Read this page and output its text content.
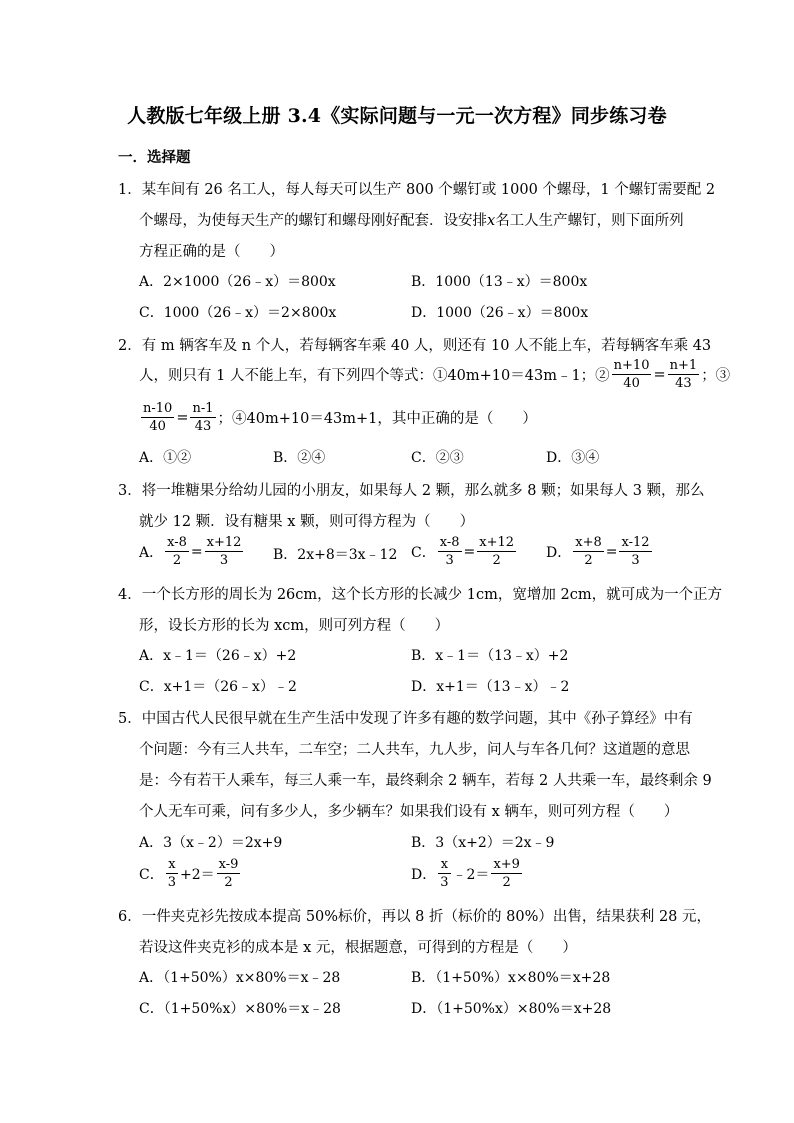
人教版七年级上册 3.4《实际问题与一元一次方程》同步练习卷
一．选择题
1．某车间有 26 名工人，每人每天可以生产 800 个螺钉或 1000 个螺母，1 个螺钉需要配 2
个螺母，为使每天生产的螺钉和螺母刚好配套．设安排x名工人生产螺钉，则下面所列
方程正确的是（　　）
A．2×1000（26﹣x）＝800x	B．1000（13﹣x）＝800x
C．1000（26﹣x）＝2×800x	D．1000（26﹣x）＝800x
2．有 m 辆客车及 n 个人，若每辆客车乘 40 人，则还有 10 人不能上车，若每辆客车乘 43
人，则只有 1 人不能上车，有下列四个等式：①40m+10＝43m﹣1；② $\frac{n+10}{40} = \frac{n+1}{43}$ ；③
$\frac{n-10}{40} = \frac{n-1}{43}$ ；④40m+10＝43m+1，其中正确的是（　　）
A．①②	B．②④	C．②③	D．③④
3．将一堆糖果分给幼儿园的小朋友，如果每人 2 颗，那么就多 8 颗；如果每人 3 颗，那么
就少 12 颗．设有糖果 x 颗，则可得方程为（　　）
A． $\frac{x-8}{2} = \frac{x+12}{3}$ B．2x+8＝3x﹣12 C． $\frac{x-8}{3} = \frac{x+12}{2}$ D． $\frac{x+8}{2} = \frac{x-12}{3}$
4．一个长方形的周长为 26cm，这个长方形的长减少 1cm，宽增加 2cm，就可成为一个正方
形，设长方形的长为 xcm，则可列方程（　　）
A．x﹣1＝（26﹣x）+2	B．x﹣1＝（13﹣x）+2
C．x+1＝（26﹣x）﹣2	D．x+1＝（13﹣x）﹣2
5．中国古代人民很早就在生产生活中发现了许多有趣的数学问题，其中《孙子算经》中有
个问题：今有三人共车，二车空；二人共车，九人步，问人与车各几何？这道题的意思
是：今有若干人乘车，每三人乘一车，最终剩余 2 辆车，若每 2 人共乘一车，最终剩余 9
个人无车可乘，问有多少人，多少辆车？如果我们设有 x 辆车，则可列方程（　　）
A．3（x﹣2）＝2x+9	B．3（x+2）＝2x﹣9
C． $\frac{x}{3} +2= \frac{x-9}{2}$	D． $\frac{x}{3}$ ﹣2＝ $\frac{x+9}{2}$
6．一件夹克衫先按成本提高 50%标价，再以 8 折（标价的 80%）出售，结果获利 28 元，
若设这件夹克衫的成本是 x 元，根据题意，可得到的方程是（　　）
A．（1+50%）x×80%＝x﹣28	B．（1+50%）x×80%＝x+28
C．（1+50%x）×80%＝x﹣28	D．（1+50%x）×80%＝x+28
